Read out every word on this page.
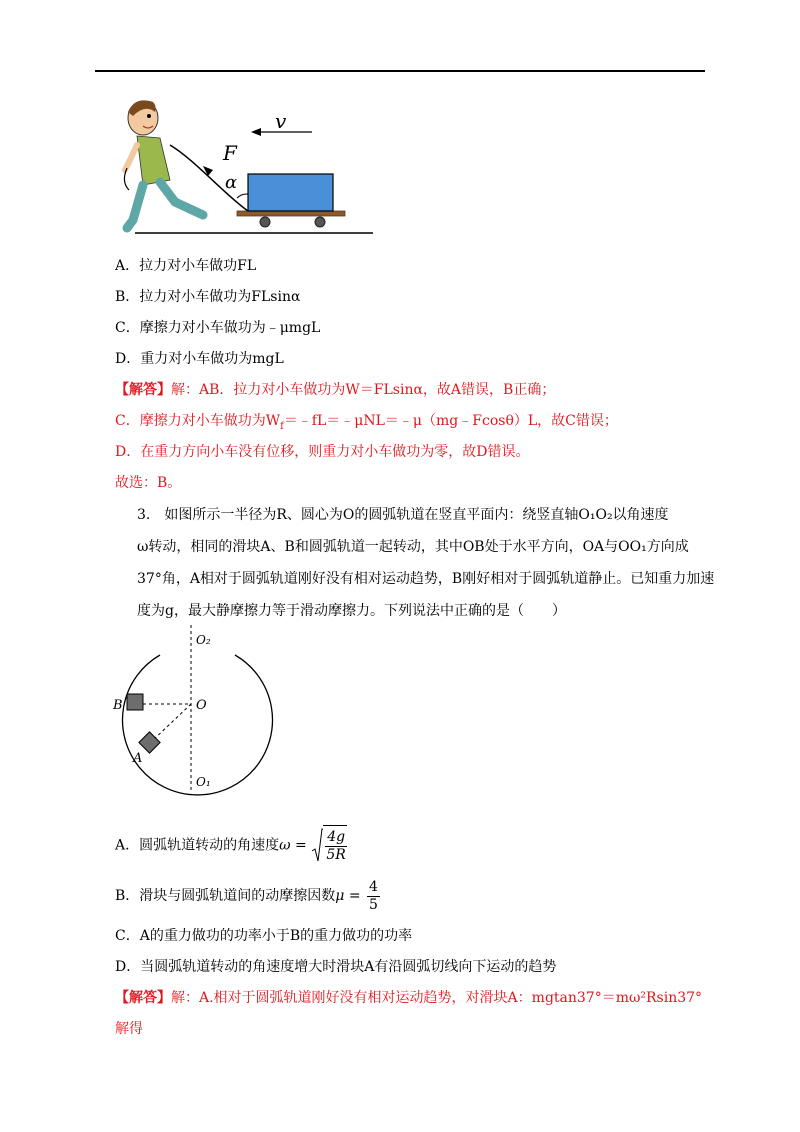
F
α
v
A．拉力对小车做功FL
B．拉力对小车做功为FLsinα
C．摩擦力对小车做功为﹣μmgL
D．重力对小车做功为mgL
【解答】解：AB．拉力对小车做功为W＝FLsinα，故A错误，B正确；
C．摩擦力对小车做功为$W_f=﹣fL=﹣\mu NL=﹣\mu(mg﹣Fcos\theta)L$，故C错误；
D．在重力方向小车没有位移，则重力对小车做功为零，故D错误。
故选：B。
3.　如图所示一半径为R、圆心为O的圆弧轨道在竖直平面内：绕竖直轴O₁O₂以角速度
ω转动，相同的滑块A、B和圆弧轨道一起转动，其中OB处于水平方向，OA与OO₁方向成
37°角，A相对于圆弧轨道刚好没有相对运动趋势，B刚好相对于圆弧轨道静止。已知重力加速
度为g，最大静摩擦力等于滑动摩擦力。下列说法中正确的是（　　）
O₂
O
O₁
B
A
A．圆弧轨道转动的角速度$\omega = \frac{4g}{5R}$
B．滑块与圆弧轨道间的动摩擦因数$\mu = \frac{4}{5}$
C．A的重力做功的功率小于B的重力做功的功率
D．当圆弧轨道转动的角速度增大时滑块A有沿圆弧切线向下运动的趋势
【解答】解：A.相对于圆弧轨道刚好没有相对运动趋势，对滑块A：mgtan37°＝mω²Rsin37°
解得
